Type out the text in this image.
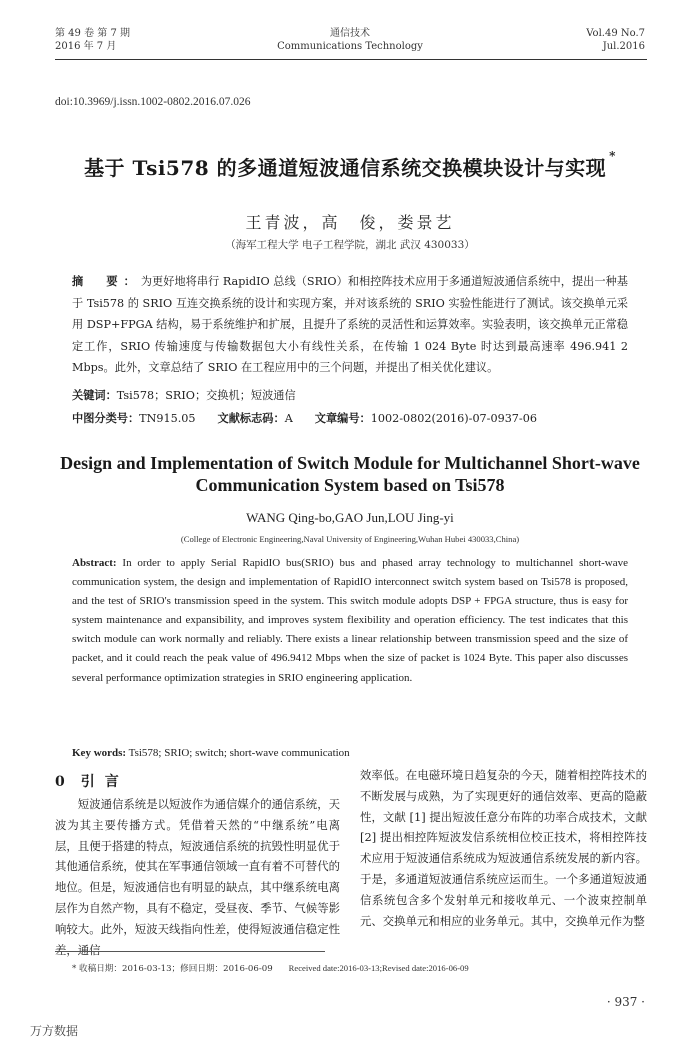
第 49 卷 第 7 期
2016 年 7 月
通信技术
Communications Technology
Vol.49 No.7
Jul.2016
doi:10.3969/j.issn.1002-0802.2016.07.026
基于 Tsi578 的多通道短波通信系统交换模块设计与实现 *
王青波，高　俊，娄景艺
（海军工程大学 电子工程学院，湖北 武汉 430033）
摘　要：为更好地将串行 RapidIO 总线（SRIO）和相控阵技术应用于多通道短波通信系统中，提出一种基于 Tsi578 的 SRIO 互连交换系统的设计和实现方案，并对该系统的 SRIO 实验性能进行了测试。该交换单元采用 DSP+FPGA 结构，易于系统维护和扩展，且提升了系统的灵活性和运算效率。实验表明，该交换单元正常稳定工作，SRIO 传输速度与传输数据包大小有线性关系，在传输 1 024 Byte 时达到最高速率 496.941 2 Mbps。此外，文章总结了 SRIO 在工程应用中的三个问题，并提出了相关优化建议。
关键词：Tsi578；SRIO；交换机；短波通信
中图分类号：TN915.05 文献标志码：A 文章编号：1002-0802(2016)-07-0937-06
Design and Implementation of Switch Module for Multichannel Short-wave Communication System based on Tsi578
WANG Qing-bo,GAO Jun,LOU Jing-yi
(College of Electronic Engineering,Naval University of Engineering,Wuhan Hubei 430033,China)
Abstract: In order to apply Serial RapidIO bus(SRIO) bus and phased array technology to multichannel short-wave communication system, the design and implementation of RapidIO interconnect switch system based on Tsi578 is proposed, and the test of SRIO's transmission speed in the system. This switch module adopts DSP + FPGA structure, thus is easy for system maintenance and expansibility, and improves system flexibility and operation efficiency. The test indicates that this switch module can work normally and reliably. There exists a linear relationship between transmission speed and the size of packet, and it could reach the peak value of 496.9412 Mbps when the size of packet is 1024 Byte. This paper also discusses several performance optimization strategies in SRIO engineering application.
Key words: Tsi578; SRIO; switch; short-wave communication
0 引言
短波通信系统是以短波作为通信媒介的通信系统，天波为其主要传播方式。凭借着天然的“中继系统”电离层，且便于搭建的特点，短波通信系统的抗毁性明显优于其他通信系统，使其在军事通信领域一直有着不可替代的地位。但是，短波通信也有明显的缺点，其中继系统电离层作为自然产物，具有不稳定，受昼夜、季节、气候等影响较大。此外，短波天线指向性差，使得短波通信稳定性差，通信
效率低。在电磁环境日趋复杂的今天，随着相控阵技术的不断发展与成熟，为了实现更好的通信效率、更高的隐蔽性，文献 [1] 提出短波任意分布阵的功率合成技术，文献 [2] 提出相控阵短波发信系统相位校正技术，将相控阵技术应用于短波通信系统成为短波通信系统发展的新内容。于是，多通道短波通信系统应运而生。一个多通道短波通信系统包含多个发射单元和接收单元、一个波束控制单元、交换单元和相应的业务单元。其中，交换单元作为整
* 收稿日期：2016-03-13；修回日期：2016-06-09 Received date:2016-03-13;Revised date:2016-06-09
· 937 ·
万方数据
